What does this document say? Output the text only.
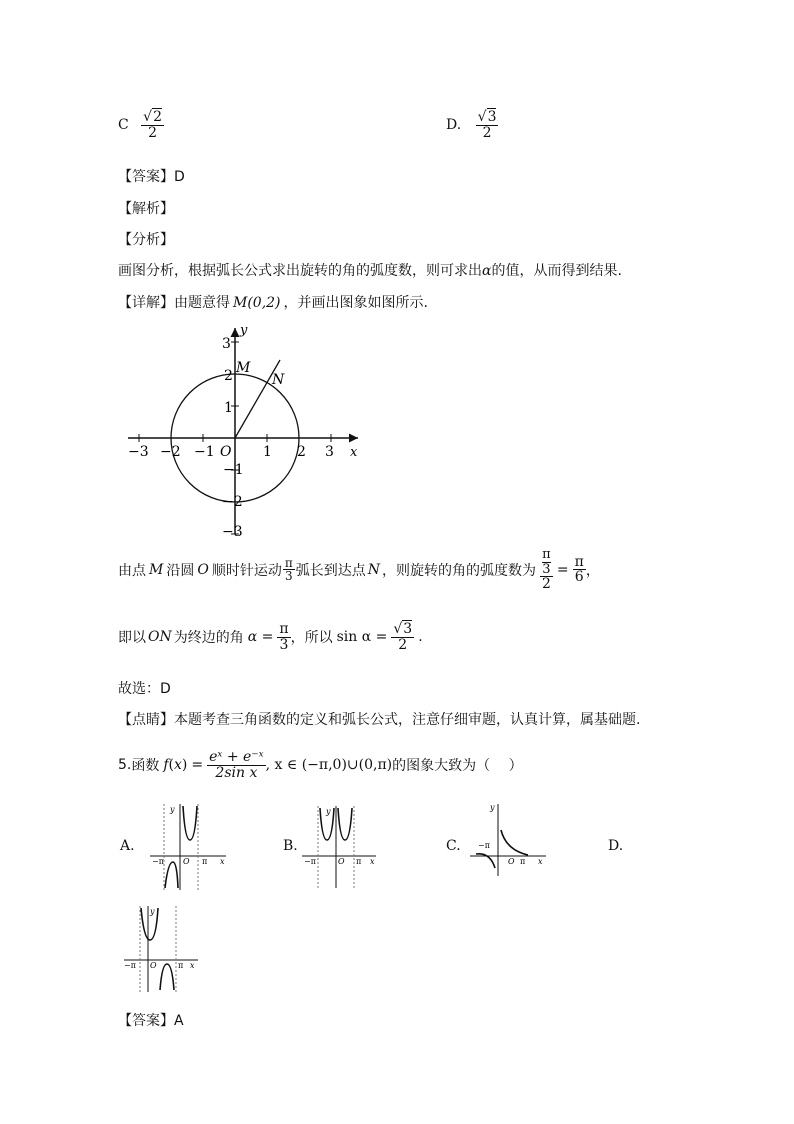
C $\frac{√2}{2}$	D. $\frac{√3}{2}$
【答案】D
【解析】
【分析】
画图分析，根据弧长公式求出旋转的角的弧度数，则可求出α的值，从而得到结果.
【详解】由题意得 M(0,2) ，并画出图象如图所示.
y
x
M
N
O
−3 −2 −1	1 2 3
3
2
1
−1
−2
−3
由点 M 沿圆 O 顺时针运动 $\frac{\pi}{3}$ 弧长到达点 N ，则旋转的角的弧度数为 π
3
$2 = \frac{\pi}{6}$ ，
即以 ON 为终边的角 $\alpha = \frac{\pi}{3}$ ，所以 $\sin \alpha = \frac{√3}{2}$ .
故选：D
【点睛】本题考查三角函数的定义和弧长公式，注意仔细审题，认真计算，属基础题.
5. 函数 f ( x ) = $\frac{\text{eˣ + e⁻ˣ}}{\text{2sin x}}$ , x ∈ (−π,0)∪(0,π) 的图象大致为（　 ）
A.	B.	C.	D.
y
−π O π x
y
−π	O π x
y
−π
O π x
y
−π O	π x
【答案】A
